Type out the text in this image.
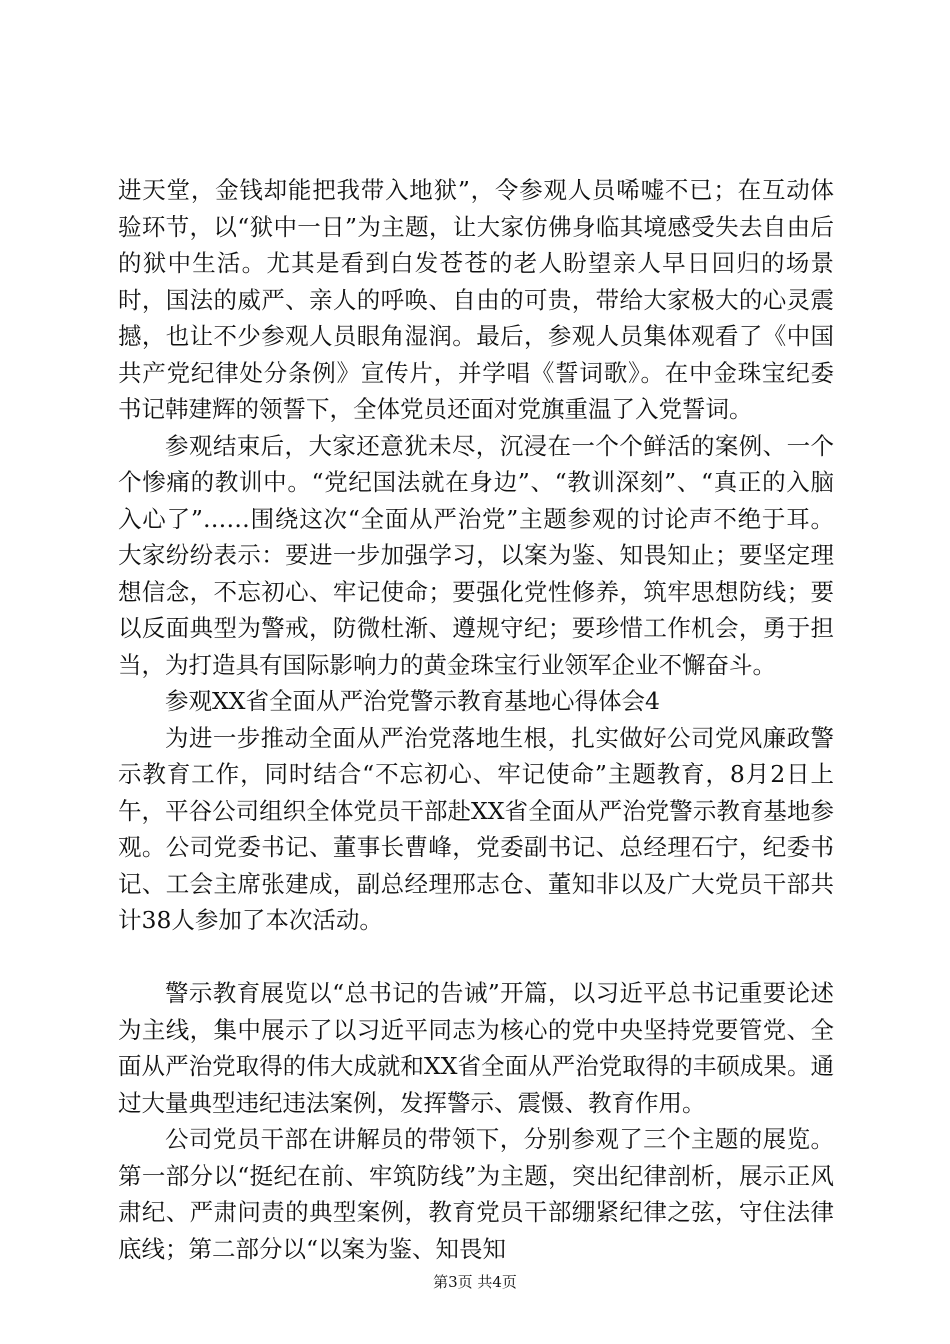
进天堂，金钱却能把我带入地狱”，令参观人员唏嘘不已；在互动体验环节，以“狱中一日”为主题，让大家仿佛身临其境感受失去自由后的狱中生活。尤其是看到白发苍苍的老人盼望亲人早日回归的场景时，国法的威严、亲人的呼唤、自由的可贵，带给大家极大的心灵震撼，也让不少参观人员眼角湿润。最后，参观人员集体观看了《中国共产党纪律处分条例》宣传片，并学唱《誓词歌》。在中金珠宝纪委书记韩建辉的领誓下，全体党员还面对党旗重温了入党誓词。

参观结束后，大家还意犹未尽，沉浸在一个个鲜活的案例、一个个惨痛的教训中。“党纪国法就在身边”、“教训深刻”、“真正的入脑入心了”……围绕这次“全面从严治党”主题参观的讨论声不绝于耳。大家纷纷表示：要进一步加强学习，以案为鉴、知畏知止；要坚定理想信念，不忘初心、牢记使命；要强化党性修养，筑牢思想防线；要以反面典型为警戒，防微杜渐、遵规守纪；要珍惜工作机会，勇于担当，为打造具有国际影响力的黄金珠宝行业领军企业不懈奋斗。

参观XX省全面从严治党警示教育基地心得体会4

为进一步推动全面从严治党落地生根，扎实做好公司党风廉政警示教育工作，同时结合“不忘初心、牢记使命”主题教育，8月2日上午，平谷公司组织全体党员干部赴XX省全面从严治党警示教育基地参观。公司党委书记、董事长曹峰，党委副书记、总经理石宁，纪委书记、工会主席张建成，副总经理邢志仓、董知非以及广大党员干部共计38人参加了本次活动。

警示教育展览以“总书记的告诫”开篇，以习近平总书记重要论述为主线，集中展示了以习近平同志为核心的党中央坚持党要管党、全面从严治党取得的伟大成就和XX省全面从严治党取得的丰硕成果。通过大量典型违纪违法案例，发挥警示、震慑、教育作用。

公司党员干部在讲解员的带领下，分别参观了三个主题的展览。第一部分以“挺纪在前、牢筑防线”为主题，突出纪律剖析，展示正风肃纪、严肃问责的典型案例，教育党员干部绷紧纪律之弦，守住法律底线；第二部分以“以案为鉴、知畏知

第3页 共4页
